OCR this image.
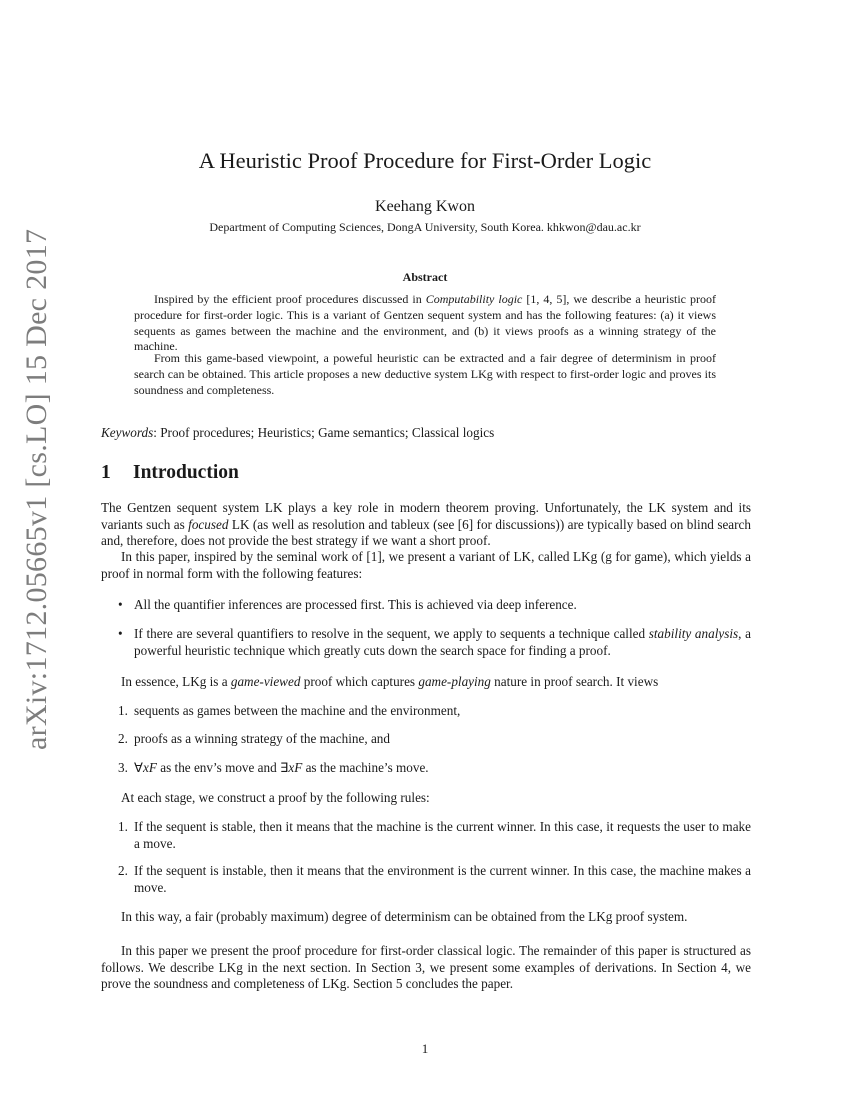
arXiv:1712.05665v1 [cs.LO] 15 Dec 2017
A Heuristic Proof Procedure for First-Order Logic
Keehang Kwon
Department of Computing Sciences, DongA University, South Korea. khkwon@dau.ac.kr
Abstract
Inspired by the efficient proof procedures discussed in Computability logic [1, 4, 5], we describe a heuristic proof procedure for first-order logic. This is a variant of Gentzen sequent system and has the following features: (a) it views sequents as games between the machine and the environment, and (b) it views proofs as a winning strategy of the machine.
From this game-based viewpoint, a poweful heuristic can be extracted and a fair degree of determinism in proof search can be obtained. This article proposes a new deductive system LKg with respect to first-order logic and proves its soundness and completeness.
Keywords: Proof procedures; Heuristics; Game semantics; Classical logics
1 Introduction
The Gentzen sequent system LK plays a key role in modern theorem proving. Unfortunately, the LK system and its variants such as focused LK (as well as resolution and tableux (see [6] for discussions)) are typically based on blind search and, therefore, does not provide the best strategy if we want a short proof.
In this paper, inspired by the seminal work of [1], we present a variant of LK, called LKg (g for game), which yields a proof in normal form with the following features:
• All the quantifier inferences are processed first. This is achieved via deep inference.
• If there are several quantifiers to resolve in the sequent, we apply to sequents a technique called stability analysis, a powerful heuristic technique which greatly cuts down the search space for finding a proof.
In essence, LKg is a game-viewed proof which captures game-playing nature in proof search. It views
1. sequents as games between the machine and the environment,
2. proofs as a winning strategy of the machine, and
3. ∀xF as the env’s move and ∃xF as the machine’s move.
At each stage, we construct a proof by the following rules:
1. If the sequent is stable, then it means that the machine is the current winner. In this case, it requests the user to make a move.
2. If the sequent is instable, then it means that the environment is the current winner. In this case, the machine makes a move.
In this way, a fair (probably maximum) degree of determinism can be obtained from the LKg proof system.
In this paper we present the proof procedure for first-order classical logic. The remainder of this paper is structured as follows. We describe LKg in the next section. In Section 3, we present some examples of derivations. In Section 4, we prove the soundness and completeness of LKg. Section 5 concludes the paper.
1
